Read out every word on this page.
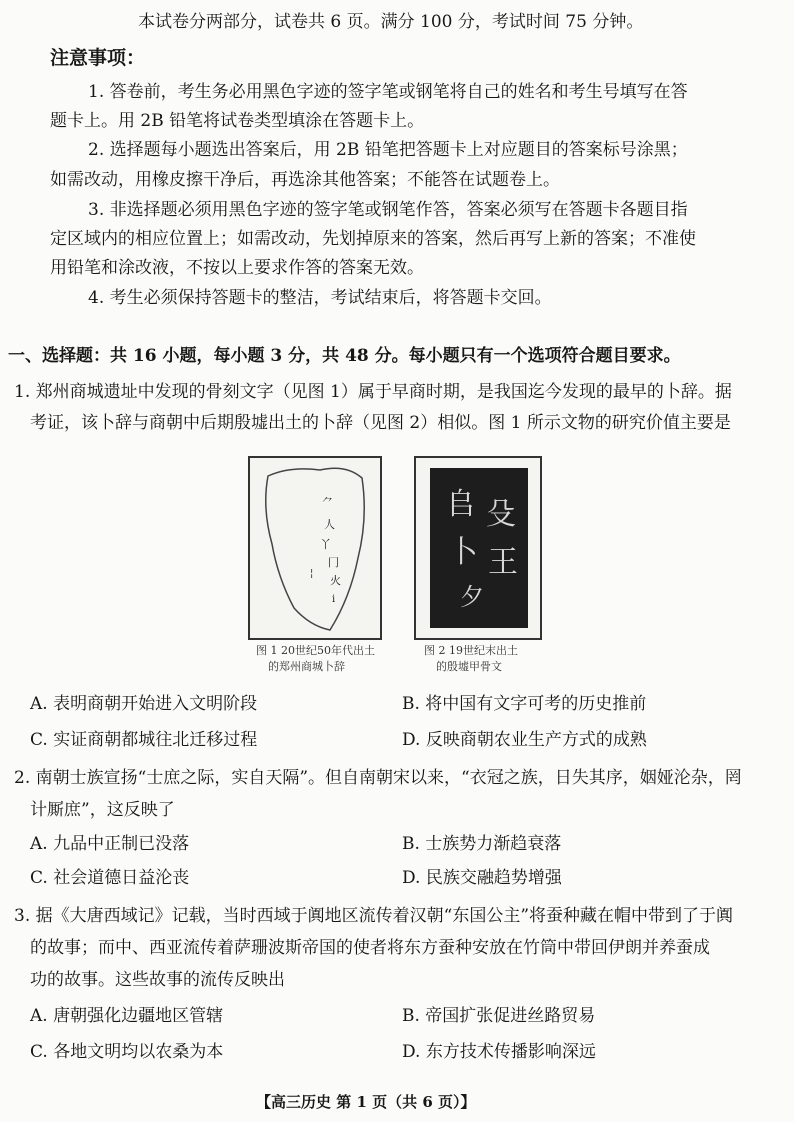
本试卷分两部分，试卷共 6 页。满分 100 分，考试时间 75 分钟。
注意事项：
1. 答卷前，考生务必用黑色字迹的签字笔或钢笔将自己的姓名和考生号填写在答
题卡上。用 2B 铅笔将试卷类型填涂在答题卡上。
2. 选择题每小题选出答案后，用 2B 铅笔把答题卡上对应题目的答案标号涂黑；
如需改动，用橡皮擦干净后，再选涂其他答案；不能答在试题卷上。
3. 非选择题必须用黑色字迹的签字笔或钢笔作答，答案必须写在答题卡各题目指
定区域内的相应位置上；如需改动，先划掉原来的答案，然后再写上新的答案；不准使
用铅笔和涂改液，不按以上要求作答的答案无效。
4. 考生必须保持答题卡的整洁，考试结束后，将答题卡交回。
一、选择题：共 16 小题，每小题 3 分，共 48 分。每小题只有一个选项符合题目要求。
1. 郑州商城遗址中发现的骨刻文字（见图 1）属于早商时期，是我国迄今发现的最早的卜辞。据
考证，该卜辞与商朝中后期殷墟出土的卜辞（见图 2）相似。图 1 所示文物的研究价值主要是
⺈
人
丫
冂
¦
火
ⅰ
图 1 20世纪50年代出土
的郑州商城卜辞
𠂤 殳
卜 王
夕
图 2 19世纪末出土
的殷墟甲骨文
A. 表明商朝开始进入文明阶段	B. 将中国有文字可考的历史推前
C. 实证商朝都城往北迁移过程	D. 反映商朝农业生产方式的成熟
2. 南朝士族宣扬“士庶之际，实自天隔”。但自南朝宋以来，“衣冠之族，日失其序，姻娅沦杂，罔
计厮庶”，这反映了
A. 九品中正制已没落	B. 士族势力渐趋衰落
C. 社会道德日益沦丧	D. 民族交融趋势增强
3. 据《大唐西域记》记载，当时西域于阗地区流传着汉朝“东国公主”将蚕种藏在帽中带到了于阗
的故事；而中、西亚流传着萨珊波斯帝国的使者将东方蚕种安放在竹筒中带回伊朗并养蚕成
功的故事。这些故事的流传反映出
A. 唐朝强化边疆地区管辖	B. 帝国扩张促进丝路贸易
C. 各地文明均以农桑为本	D. 东方技术传播影响深远
【高三历史 第 1 页（共 6 页）】
